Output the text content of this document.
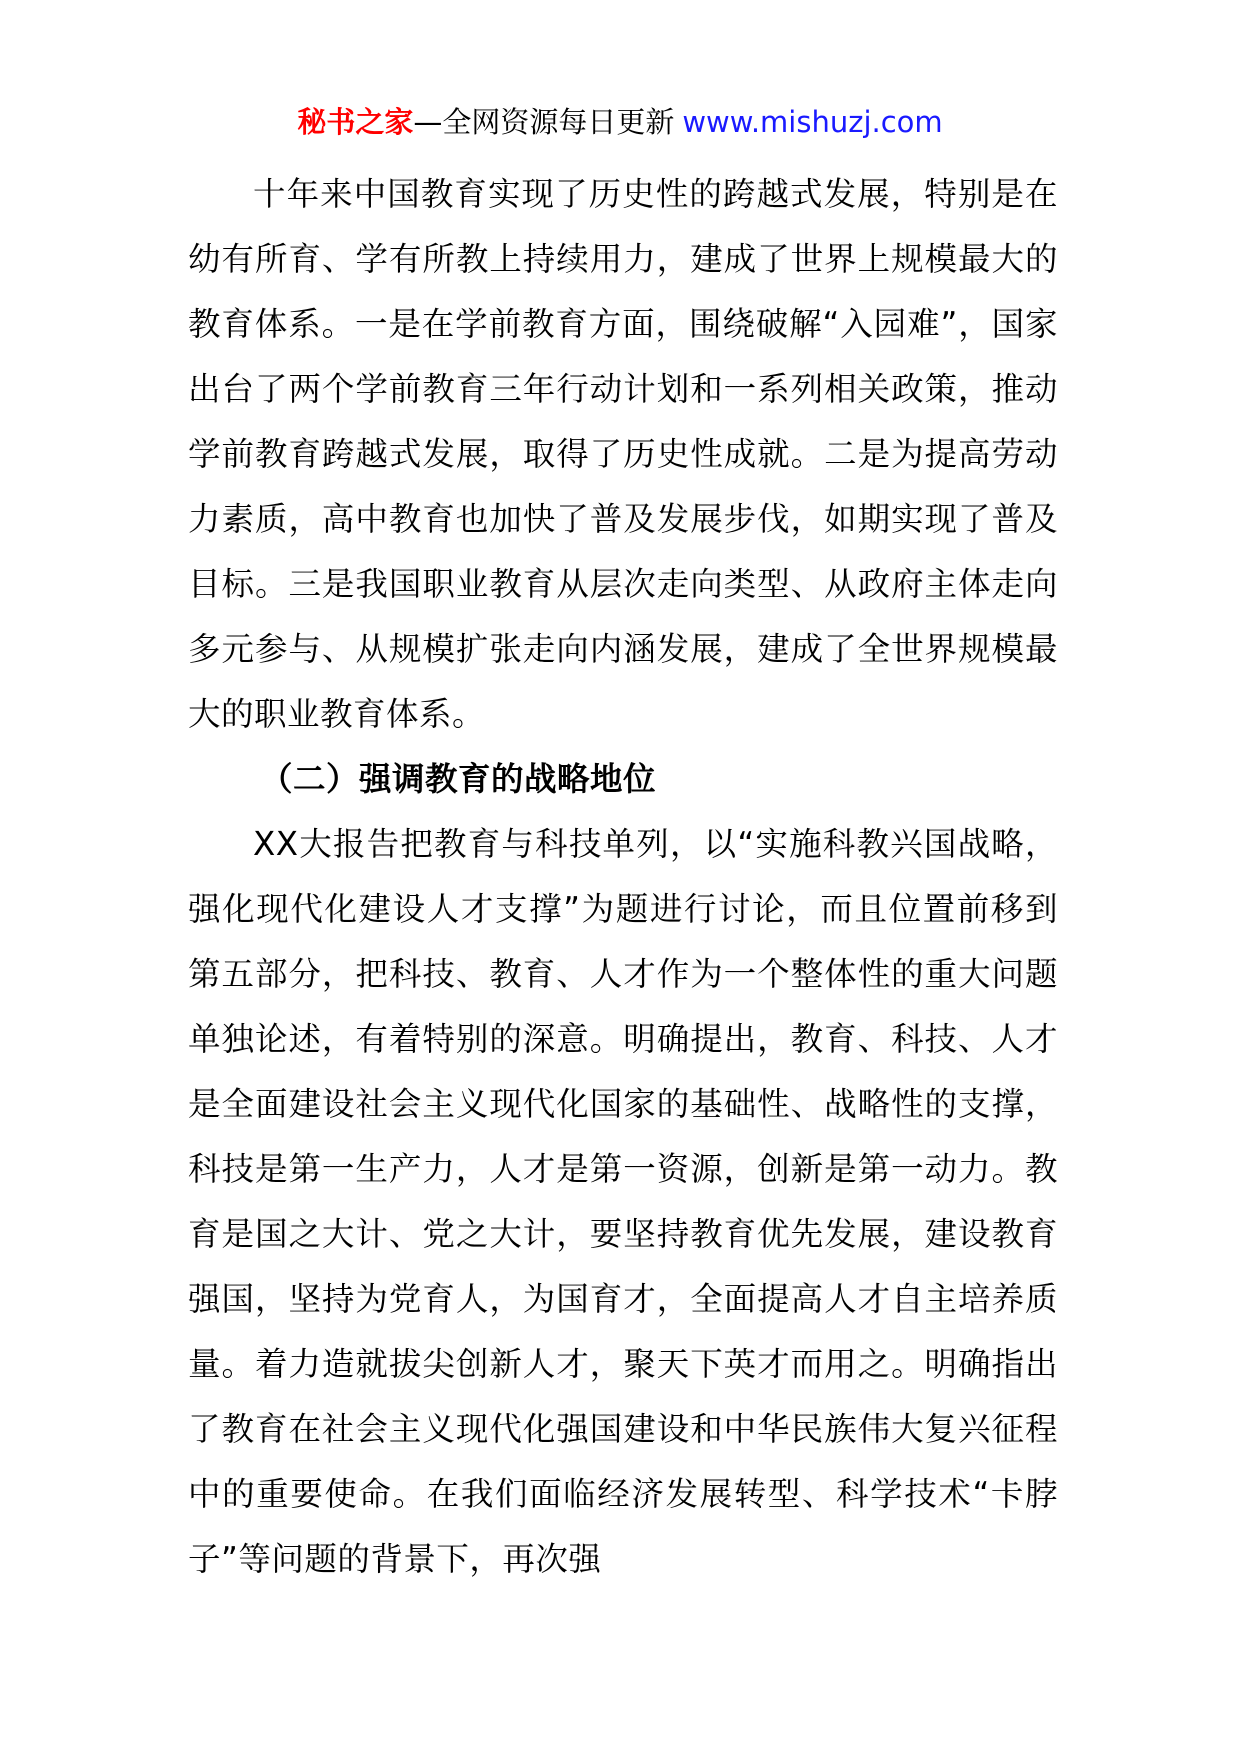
秘书之家—全网资源每日更新 www.mishuzj.com

十年来中国教育实现了历史性的跨越式发展，特别是在幼有所育、学有所教上持续用力，建成了世界上规模最大的教育体系。一是在学前教育方面，围绕破解“入园难”，国家出台了两个学前教育三年行动计划和一系列相关政策，推动学前教育跨越式发展，取得了历史性成就。二是为提高劳动力素质，高中教育也加快了普及发展步伐，如期实现了普及目标。三是我国职业教育从层次走向类型、从政府主体走向多元参与、从规模扩张走向内涵发展，建成了全世界规模最大的职业教育体系。

（二）强调教育的战略地位

XX大报告把教育与科技单列，以“实施科教兴国战略，强化现代化建设人才支撑”为题进行讨论，而且位置前移到第五部分，把科技、教育、人才作为一个整体性的重大问题单独论述，有着特别的深意。明确提出，教育、科技、人才是全面建设社会主义现代化国家的基础性、战略性的支撑，科技是第一生产力，人才是第一资源，创新是第一动力。教育是国之大计、党之大计，要坚持教育优先发展，建设教育强国，坚持为党育人，为国育才，全面提高人才自主培养质量。着力造就拔尖创新人才，聚天下英才而用之。明确指出了教育在社会主义现代化强国建设和中华民族伟大复兴征程中的重要使命。在我们面临经济发展转型、科学技术“卡脖子”等问题的背景下，再次强
